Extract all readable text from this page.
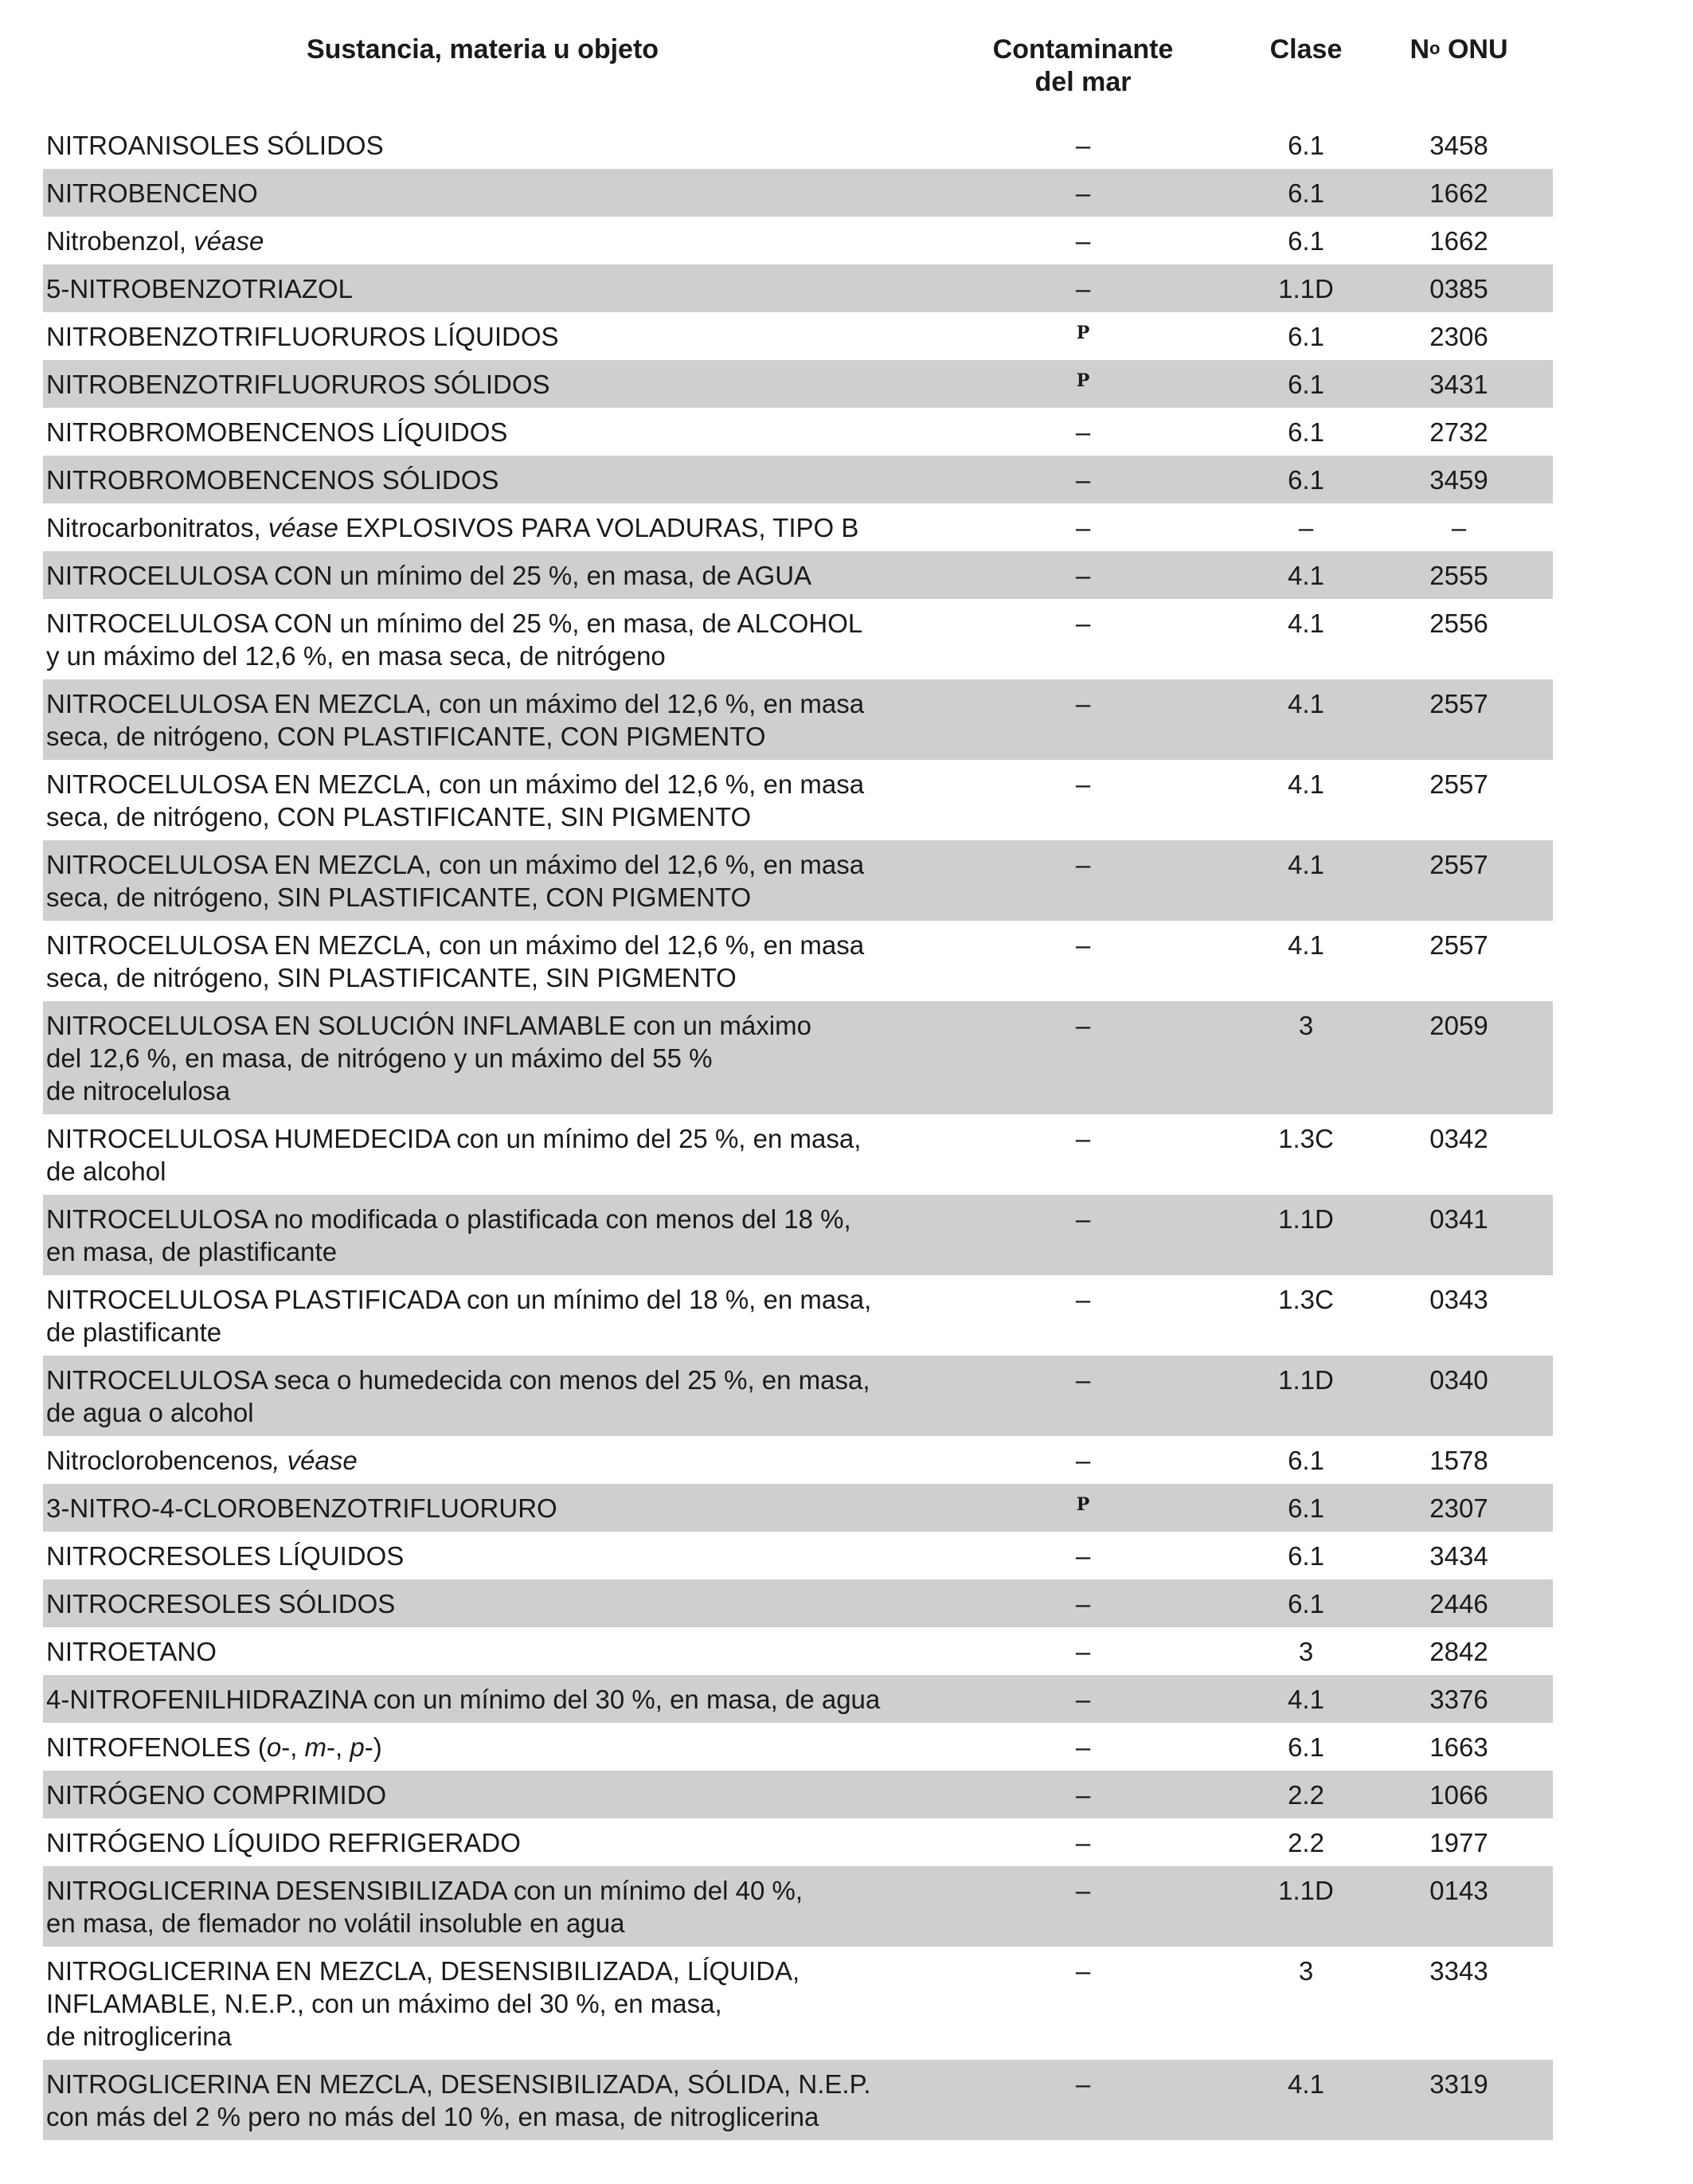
Sustancia, materia u objeto	Contaminante
del mar
Clase	$N^o$ ONU
NITROANISOLES SÓLIDOS	–	6.1	3458
NITROBENCENO	–	6.1	1662
Nitrobenzol, véase	–	6.1	1662
5-NITROBENZOTRIAZOL	–	1.1D	0385
NITROBENZOTRIFLUORUROS LÍQUIDOS	$^P$	6.1	2306
NITROBENZOTRIFLUORUROS SÓLIDOS	$^P$	6.1	3431
NITROBROMOBENCENOS LÍQUIDOS	–	6.1	2732
NITROBROMOBENCENOS SÓLIDOS	–	6.1	3459
Nitrocarbonitratos, véase EXPLOSIVOS PARA VOLADURAS, TIPO B	–	–	–
NITROCELULOSA CON un mínimo del 25 %, en masa, de AGUA	–	4.1	2555
NITROCELULOSA CON un mínimo del 25 %, en masa, de ALCOHOL
y un máximo del 12,6 %, en masa seca, de nitrógeno
–	4.1	2556
NITROCELULOSA EN MEZCLA, con un máximo del 12,6 %, en masa
seca, de nitrógeno, CON PLASTIFICANTE, CON PIGMENTO
–	4.1	2557
NITROCELULOSA EN MEZCLA, con un máximo del 12,6 %, en masa
seca, de nitrógeno, CON PLASTIFICANTE, SIN PIGMENTO
–	4.1	2557
NITROCELULOSA EN MEZCLA, con un máximo del 12,6 %, en masa
seca, de nitrógeno, SIN PLASTIFICANTE, CON PIGMENTO
–	4.1	2557
NITROCELULOSA EN MEZCLA, con un máximo del 12,6 %, en masa
seca, de nitrógeno, SIN PLASTIFICANTE, SIN PIGMENTO
–	4.1	2557
NITROCELULOSA EN SOLUCIÓN INFLAMABLE con un máximo
del 12,6 %, en masa, de nitrógeno y un máximo del 55 %
de nitrocelulosa
–	3	2059
NITROCELULOSA HUMEDECIDA con un mínimo del 25 %, en masa,
de alcohol
–	1.3C	0342
NITROCELULOSA no modificada o plastificada con menos del 18 %,
en masa, de plastificante
–	1.1D	0341
NITROCELULOSA PLASTIFICADA con un mínimo del 18 %, en masa,
de plastificante
–	1.3C	0343
NITROCELULOSA seca o humedecida con menos del 25 %, en masa,
de agua o alcohol
–	1.1D	0340
Nitroclorobencenos, véase	–	6.1	1578
3-NITRO-4-CLOROBENZOTRIFLUORURO	$^P$	6.1	2307
NITROCRESOLES LÍQUIDOS	–	6.1	3434
NITROCRESOLES SÓLIDOS	–	6.1	2446
NITROETANO	–	3	2842
4-NITROFENILHIDRAZINA con un mínimo del 30 %, en masa, de agua	–	4.1	3376
NITROFENOLES (o-, m-, p-)	–	6.1	1663
NITRÓGENO COMPRIMIDO	–	2.2	1066
NITRÓGENO LÍQUIDO REFRIGERADO	–	2.2	1977
NITROGLICERINA DESENSIBILIZADA con un mínimo del 40 %,
en masa, de flemador no volátil insoluble en agua
–	1.1D	0143
NITROGLICERINA EN MEZCLA, DESENSIBILIZADA, LÍQUIDA,
INFLAMABLE, N.E.P., con un máximo del 30 %, en masa,
de nitroglicerina
–	3	3343
NITROGLICERINA EN MEZCLA, DESENSIBILIZADA, SÓLIDA, N.E.P.
con más del 2 % pero no más del 10 %, en masa, de nitroglicerina
–	4.1	3319
